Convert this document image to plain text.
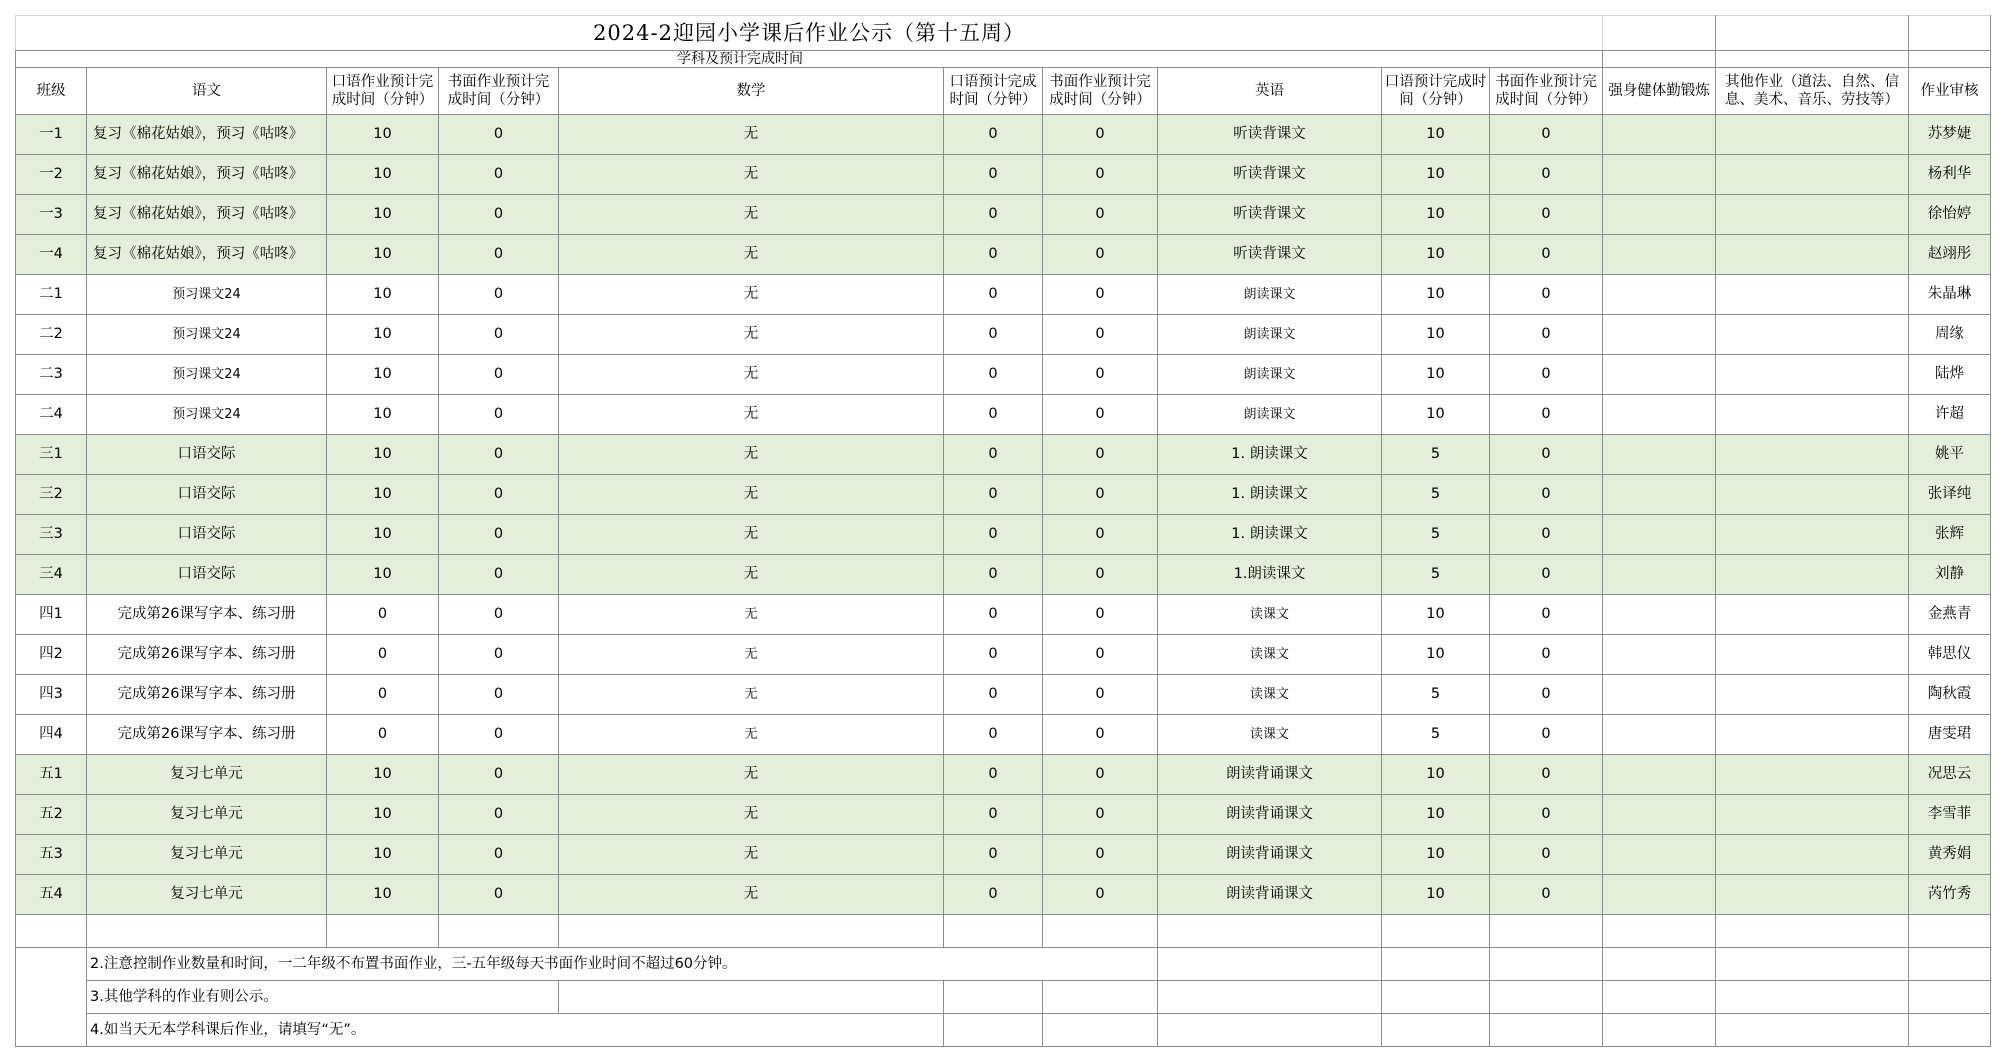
2024-2迎园小学课后作业公示（第十五周）												
学科及预计完成时间												
班级	语文	口语作业预计完成时间（分钟）	书面作业预计完成时间（分钟）	数学	口语预计完成时间（分钟）	书面作业预计完成时间（分钟）	英语	口语预计完成时间（分钟）	书面作业预计完成时间（分钟）	强身健体勤锻炼	其他作业（道法、自然、信息、美术、音乐、劳技等）	作业审核
一1	复习《棉花姑娘》，预习《咕咚》	10	0	无	0	0	听读背课文	10	0			苏梦婕
一2	复习《棉花姑娘》，预习《咕咚》	10	0	无	0	0	听读背课文	10	0			杨利华
一3	复习《棉花姑娘》，预习《咕咚》	10	0	无	0	0	听读背课文	10	0			徐怡婷
一4	复习《棉花姑娘》，预习《咕咚》	10	0	无	0	0	听读背课文	10	0			赵翊彤
二1	预习课文24	10	0	无	0	0	朗读课文	10	0			朱晶琳
二2	预习课文24	10	0	无	0	0	朗读课文	10	0			周缘
二3	预习课文24	10	0	无	0	0	朗读课文	10	0			陆烨
二4	预习课文24	10	0	无	0	0	朗读课文	10	0			许超
三1	口语交际	10	0	无	0	0	1. 朗读课文	5	0			姚平
三2	口语交际	10	0	无	0	0	1. 朗读课文	5	0			张译纯
三3	口语交际	10	0	无	0	0	1. 朗读课文	5	0			张辉
三4	口语交际	10	0	无	0	0	1.朗读课文	5	0			刘静
四1	完成第26课写字本、练习册	0	0	无	0	0	读课文	10	0			金燕青
四2	完成第26课写字本、练习册	0	0	无	0	0	读课文	10	0			韩思仪
四3	完成第26课写字本、练习册	0	0	无	0	0	读课文	5	0			陶秋霞
四4	完成第26课写字本、练习册	0	0	无	0	0	读课文	5	0			唐雯珺
五1	复习七单元	10	0	无	0	0	朗读背诵课文	10	0			况思云
五2	复习七单元	10	0	无	0	0	朗读背诵课文	10	0			李雪菲
五3	复习七单元	10	0	无	0	0	朗读背诵课文	10	0			黄秀娟
五4	复习七单元	10	0	无	0	0	朗读背诵课文	10	0			芮竹秀

	2.注意控制作业数量和时间，一二年级不布置书面作业，三-五年级每天书面作业时间不超过60分钟。											
	3.其他学科的作业有则公示。											
	4.如当天无本学科课后作业，请填写“无”。											
